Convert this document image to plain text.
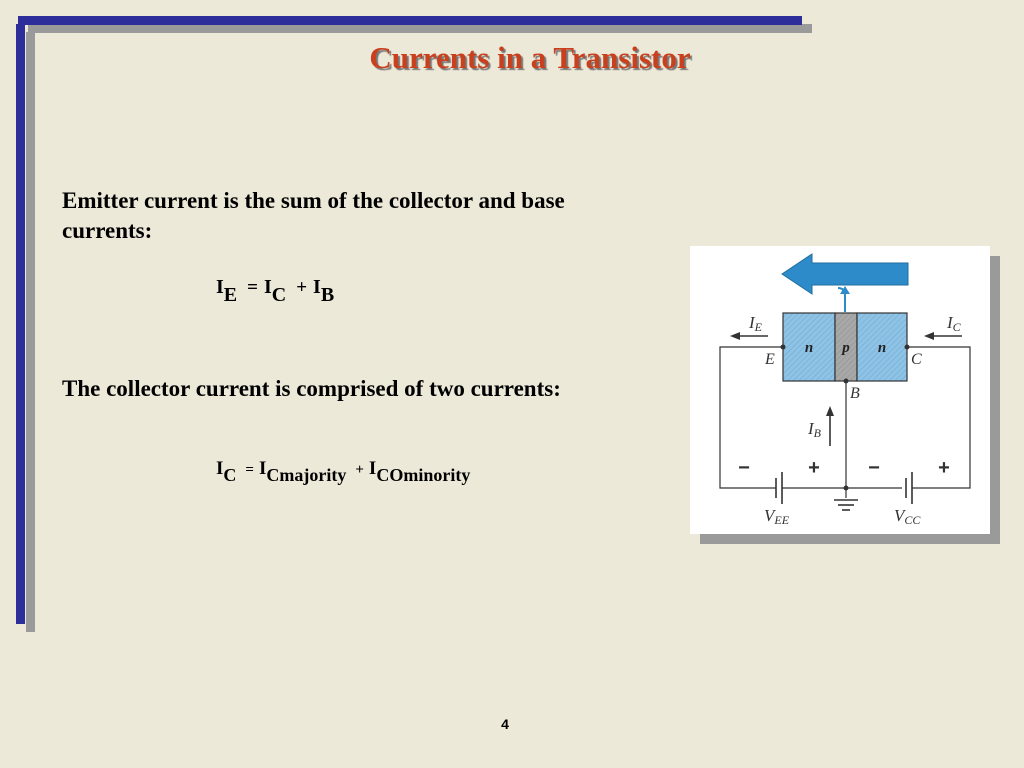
Currents in a Transistor

Emitter current is the sum of the collector and base currents:

IE = IC + IB

The collector current is comprised of two currents:

IC = ICmajority + ICOminority
n p n
IE	IC
IB
E	C
B
−	+ −	+
VEE	VCC
4
